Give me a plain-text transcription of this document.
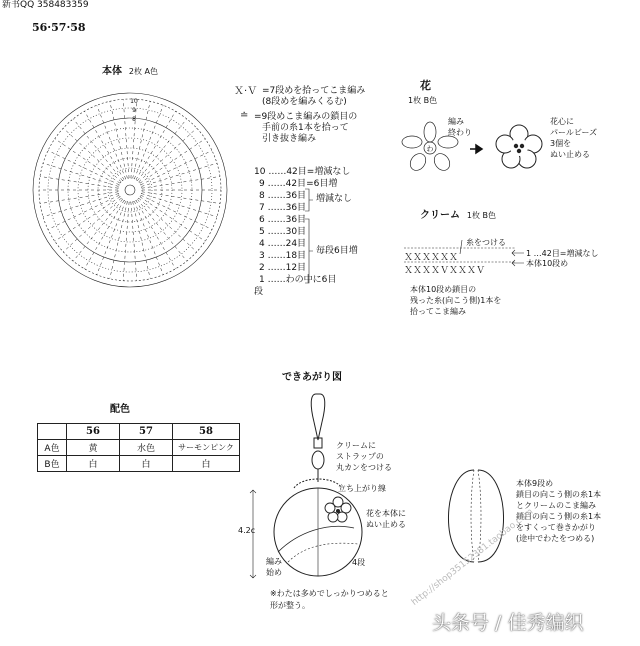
新书QQ 358483359
56·57·58
本体 2枚 A色
10
9
8
Ｘ·Ｖ =7段めを拾ってこま編み
(8段めを編みくるむ)
≐ =9段めこま編みの鎖目の
手前の糸1本を拾って
引き抜き編み
10 ……42目=増減なし
9 ……42目=6目増
8 ……36目
7 ……36目
6 ……36目
5 ……30目
4 ……24目
3 ……18目
2 ……12目
1 ……わの中に6目
段
増減なし
毎段6目増
花
1枚 B色
編み
終わり
わ
花心に
パールビーズ
3個を
ぬい止める
クリーム 1枚 B色
糸をつける
ＸＸＸＸＸＸ
ＸＸＸＸＶＸＸＸＶ
1 …42目=増減なし
本体10段め
本体10段め鎖目の
残った糸(向こう側)1本を
拾ってこま編み
配色
	56	57	58
A色	黄	水色	サーモンピンク
B色	白	白	白
できあがり図
4.2c
クリームに
ストラップの
丸カンをつける
立ち上がり線
花を本体に
ぬい止める
編み
始め
4段
※わたは多めでしっかりつめると
形が整う。
本体9段め
鎖目の向こう側の糸1本
とクリームのこま編み
鎖目の向こう側の糸1本
をすくって巻きかがり
(途中でわたをつめる)
http://shop35152381.taobao.com
头条号 / 佳秀编织
